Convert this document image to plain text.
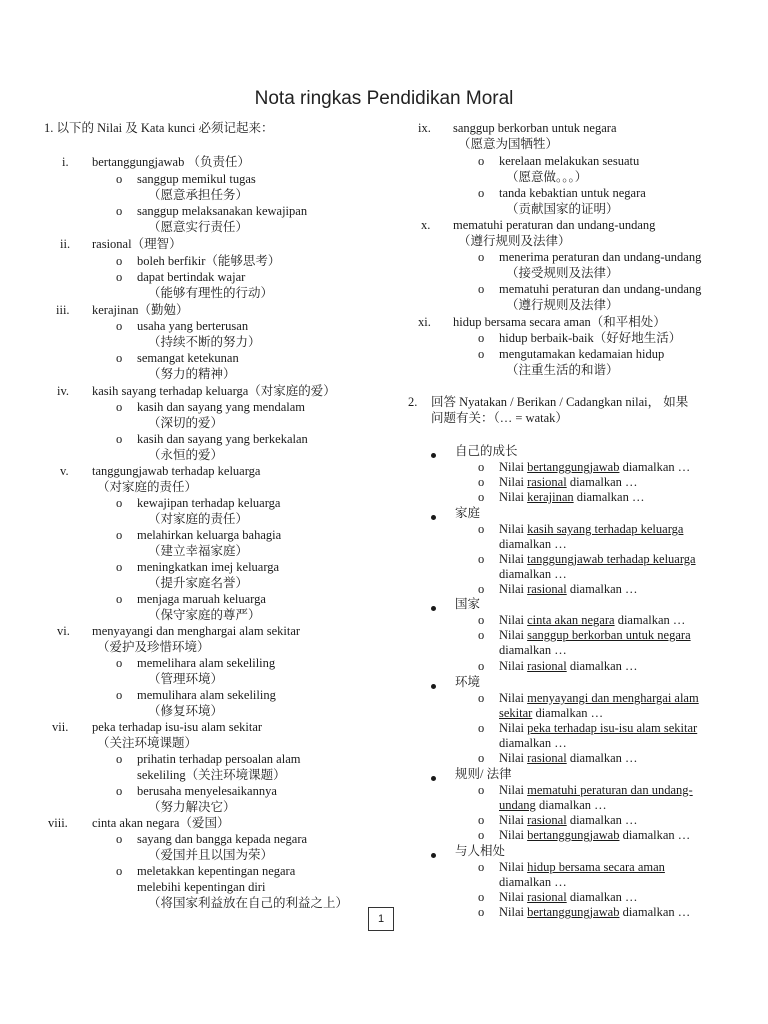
Nota ringkas Pendidikan Moral
1. 以下的 Nilai 及 Kata kunci 必须记起来：
i. bertanggungjawab （负责任）
o sanggup memikul tugas
（愿意承担任务）
o sanggup melaksanakan kewajipan
（愿意实行责任）
ii. rasional（理智）
o boleh berfikir（能够思考）
o dapat bertindak wajar
（能够有理性的行动）
iii. kerajinan（勤勉）
o usaha yang berterusan
（持续不断的努力）
o semangat ketekunan
（努力的精神）
iv. kasih sayang terhadap keluarga（对家庭的爱）
o kasih dan sayang yang mendalam
（深切的爱）
o kasih dan sayang yang berkekalan
（永恒的爱）
v. tanggungjawab terhadap keluarga
（对家庭的责任）
o kewajipan terhadap keluarga
（对家庭的责任）
o melahirkan keluarga bahagia
（建立幸福家庭）
o meningkatkan imej keluarga
（提升家庭名誉）
o menjaga maruah keluarga
（保守家庭的尊严）
vi. menyayangi dan menghargai alam sekitar
（爱护及珍惜环境）
o memelihara alam sekeliling
（管理环境）
o memulihara alam sekeliling
（修复环境）
vii. peka terhadap isu-isu alam sekitar
（关注环境课题）
o prihatin terhadap persoalan alam
sekeliling（关注环境课题）
o berusaha menyelesaikannya
（努力解决它）
viii. cinta akan negara（爱国）
o sayang dan bangga kepada negara
（爱国并且以国为荣）
o meletakkan kepentingan negara
melebihi kepentingan diri
（将国家利益放在自己的利益之上）
ix. sanggup berkorban untuk negara
（愿意为国牺牲）
o kerelaan melakukan sesuatu
（愿意做。。。）
o tanda kebaktian untuk negara
（贡献国家的证明）
x. mematuhi peraturan dan undang-undang
（遵行规则及法律）
o menerima peraturan dan undang-undang
（接受规则及法律）
o mematuhi peraturan dan undang-undang
（遵行规则及法律）
xi. hidup bersama secara aman（和平相处）
o hidup berbaik-baik（好好地生活）
o mengutamakan kedamaian hidup
（注重生活的和谐）
2. 回答 Nyatakan / Berikan / Cadangkan nilai， 如果
问题有关：（… = watak）
自己的成长
o Nilai bertanggungjawab diamalkan …
o Nilai rasional diamalkan …
o Nilai kerajinan diamalkan …
家庭
o Nilai kasih sayang terhadap keluarga
diamalkan …
o Nilai tanggungjawab terhadap keluarga
diamalkan …
o Nilai rasional diamalkan …
国家
o Nilai cinta akan negara diamalkan …
o Nilai sanggup berkorban untuk negara
diamalkan …
o Nilai rasional diamalkan …
环境
o Nilai menyayangi dan menghargai alam
sekitar diamalkan …
o Nilai peka terhadap isu-isu alam sekitar
diamalkan …
o Nilai rasional diamalkan …
规则/ 法律
o Nilai mematuhi peraturan dan undang-
undang diamalkan …
o Nilai rasional diamalkan …
o Nilai bertanggungjawab diamalkan …
与人相处
o Nilai hidup bersama secara aman
diamalkan …
o Nilai rasional diamalkan …
o Nilai bertanggungjawab diamalkan …
1
